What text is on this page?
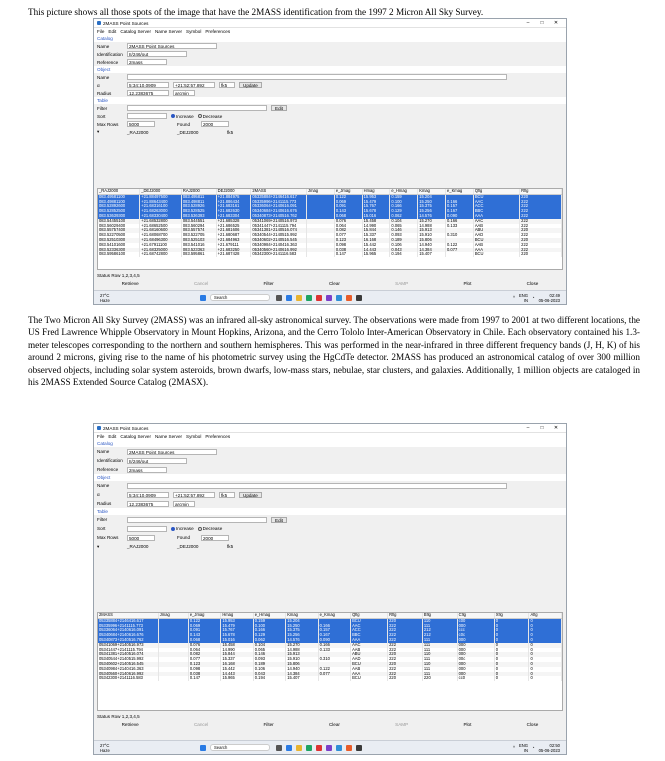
This picture shows all those spots of the image that have the 2MASS identification from the 1997 2 Micron All Sky Survey.
2MASS Point Sources	–	□	✕
File Edit Catalog Server Name Server Symbol Preferences
Catalog
Name	2MASS Point Sources
Identification	II/246/out
Reference	2mass
Object
Name
α	5:34:10.0909	+21:52:57.892	fk5	Update
Radius	12.2383675	arcmin
Table
Filter	Edit
Sort	Increase Decrease
Max Rows	5000	Found	2000
▾	_RAJ2000	_DEJ2000	fk5
_RAJ2000	_DEJ2000	RAJ2000	DEJ2000	2MASS	Jmag	e_Jmag	Hmag	e_Hmag	Kmag	e_Kmag	Qflg	Rflg
083.49581100	+21.88497500	083.495811	+21.884975	05335884+2146416.617		0.122	15.953	0.159	15.204		BCU	220
083.49881100	+21.88643400	083.498811	+21.886434	05335996+2141115.773		0.069	15.479	0.100	15.250	0.166	AAC	222
083.52892600	+21.68316100	083.528926	+21.683161	05336064+2140616.091		0.091	15.767	0.166	15.375	0.157	ACC	222
083.52852500	+21.68263000	083.528525	+21.682630	05340684+2140616.676		0.143	15.678	0.129	15.256	0.167	BBC	222
083.53639300	+21.68330400	083.536393	+21.683304	05340873+2140516.762		0.068	15.016	0.062	14.576	0.090	AAA	222
083.54455100	+21.68532800	083.544551	+21.685328	05341069+2140516.973		0.076	15.458	0.104	15.270	0.166	AAC	222
083.56029400	+21.68652500	083.560294	+21.686525	05341447+2141115.794		0.064	14.990	0.065	14.988	0.133	AAB	222
083.55757400	+21.68160600	083.557574	+21.681606	05341381+2140516.074		0.082	15.844	0.146	15.913		ABU	220
083.52270500	+21.68068700	083.522705	+21.680687	05340544+2140515.992		0.077	15.337	0.093	15.910	0.310	AAD	222
083.52510300	+21.68496300	083.525103	+21.684963	05340602+2140516.545		0.123	16.168	0.189	15.806		BCU	220
083.54101600	+21.67911100	083.541016	+21.679111	05340984+2140416.363		0.098	15.442	0.106	14.940	0.122	AAB	222
083.52336300	+21.68325000	083.523363	+21.683250	05340560+2140616.992		0.038	14.443	0.043	14.384	0.077	AAA	222
083.59586100	+21.68742800	083.595861	+21.687428	05342300+2141116.583		0.147	15.965	0.194	15.407		BCU	220
Status Row 1,2,3,4,5
Retrieve	Cancel	Filter	Clear	SAMP	Plot	Close
27°C
Haze	Search	^ ENG
IN ◔	02:49
05-06-2023
The Two Micron All Sky Survey (2MASS) was an infrared all-sky astronomical survey. The observations were made from 1997 to 2001 at two different locations, the US Fred Lawrence Whipple Observatory in Mount Hopkins, Arizona, and the Cerro Tololo Inter-American Observatory in Chile. Each observatory contained his 1.3-meter telescopes corresponding to the northern and southern hemispheres. This was performed in the near-infrared in three different frequency bands (J, H, K) of his around 2 microns, giving rise to the name of his photometric survey using the HgCdTe detector. 2MASS has produced an astronomical catalog of over 300 million observed objects, including solar system asteroids, brown dwarfs, low-mass stars, nebulae, star clusters, and galaxies. Additionally, 1 million objects are cataloged in his 2MASS Extended Source Catalog (2MASX).
2MASS Point Sources	–	□	✕
File Edit Catalog Server Name Server Symbol Preferences
Catalog
Name	2MASS Point Sources
Identification	II/246/out
Reference	2mass
Object
Name
α	5:34:10.0909	+21:52:57.892	fk5	Update
Radius	12.2383675	arcmin
Table
Filter	Edit
Sort	Increase Decrease
Max Rows	5000	Found	2000
▾	_RAJ2000	_DEJ2000	fk5
2MASS	Jmag	e_Jmag	Hmag	e_Hmag	Kmag	e_Kmag	Qflg	Rflg	Bflg	Cflg	Xflg	Aflg
05335884+2146416.617		0.122	15.953	0.159	15.204		BCU	220	110	c00	0	0
05335996+2141115.773		0.069	15.479	0.100	15.250	0.166	AAC	222	111	000	0	0
05336064+2140616.091		0.091	15.767	0.166	15.375	0.157	ACC	222	212	ccc	0	0
05340684+2140616.676		0.143	15.678	0.129	15.256	0.167	BBC	222	212	c0c	0	0
05340873+2140516.762		0.068	15.016	0.062	14.576	0.090	AAA	222	111	000	0	0
05341069+2140516.973		0.076	15.458	0.104	15.270	0.166	AAC	222	111	000	0	0
05341447+2141115.794		0.064	14.990	0.065	14.988	0.133	AAB	222	111	000	0	0
05341381+2140516.074		0.082	15.844	0.146	15.913		ABU	220	110	000	0	0
05340544+2140515.992		0.077	15.337	0.093	15.910	0.310	AAD	222	111	00c	0	0
05340602+2140516.545		0.123	16.168	0.189	15.806		BCU	220	110	000	0	0
05340984+2140416.363		0.098	15.442	0.106	14.940	0.122	AAB	222	111	000	0	0
05340560+2140616.992		0.038	14.443	0.043	14.384	0.077	AAA	222	111	000	0	0
05342300+2141116.583		0.147	15.965	0.194	15.407		BCU	220	220	cc0	0	0
Status Row 1,2,3,4,5
Retrieve	Cancel	Filter	Clear	SAMP	Plot	Close
27°C
Haze	Search	^ ENG
IN ◔	02:50
05-06-2023
